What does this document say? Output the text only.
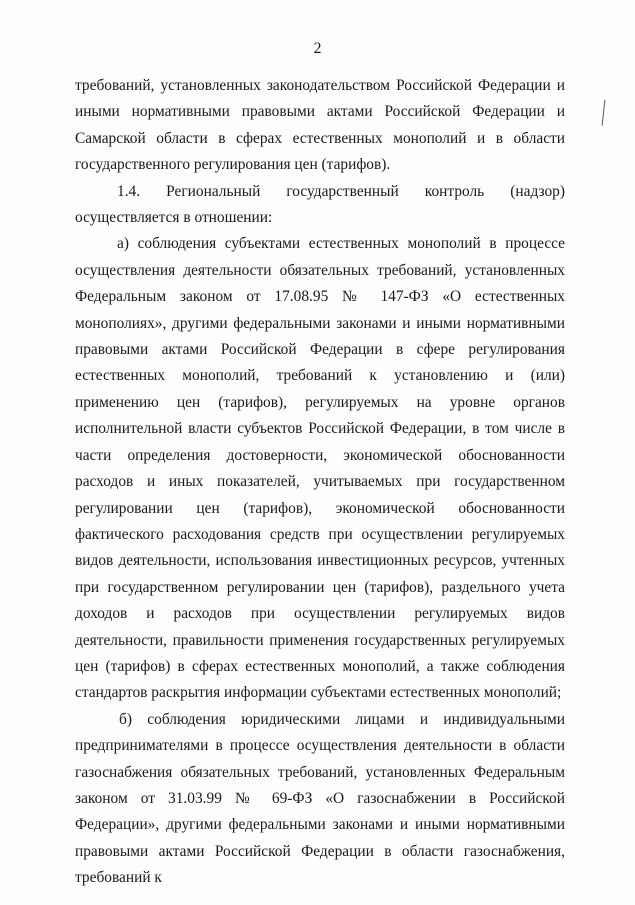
2

требований, установленных законодательством Российской Федерации и иными нормативными правовыми актами Российской Федерации и Самарской области в сферах естественных монополий и в области государственного регулирования цен (тарифов).

1.4. Региональный государственный контроль (надзор) осуществляется в отношении:

а) соблюдения субъектами естественных монополий в процессе осуществления деятельности обязательных требований, установленных Федеральным законом от 17.08.95 № 147-ФЗ «О естественных монополиях», другими федеральными законами и иными нормативными правовыми актами Российской Федерации в сфере регулирования естественных монополий, требований к установлению и (или) применению цен (тарифов), регулируемых на уровне органов исполнительной власти субъектов Российской Федерации, в том числе в части определения достоверности, экономической обоснованности расходов и иных показателей, учитываемых при государственном регулировании цен (тарифов), экономической обоснованности фактического расходования средств при осуществлении регулируемых видов деятельности, использования инвестиционных ресурсов, учтенных при государственном регулировании цен (тарифов), раздельного учета доходов и расходов при осуществлении регулируемых видов деятельности, правильности применения государственных регулируемых цен (тарифов) в сферах естественных монополий, а также соблюдения стандартов раскрытия информации субъектами естественных монополий;

б) соблюдения юридическими лицами и индивидуальными предпринимателями в процессе осуществления деятельности в области газоснабжения обязательных требований, установленных Федеральным законом от 31.03.99 № 69-ФЗ «О газоснабжении в Российской Федерации», другими федеральными законами и иными нормативными правовыми актами Российской Федерации в области газоснабжения, требований к
